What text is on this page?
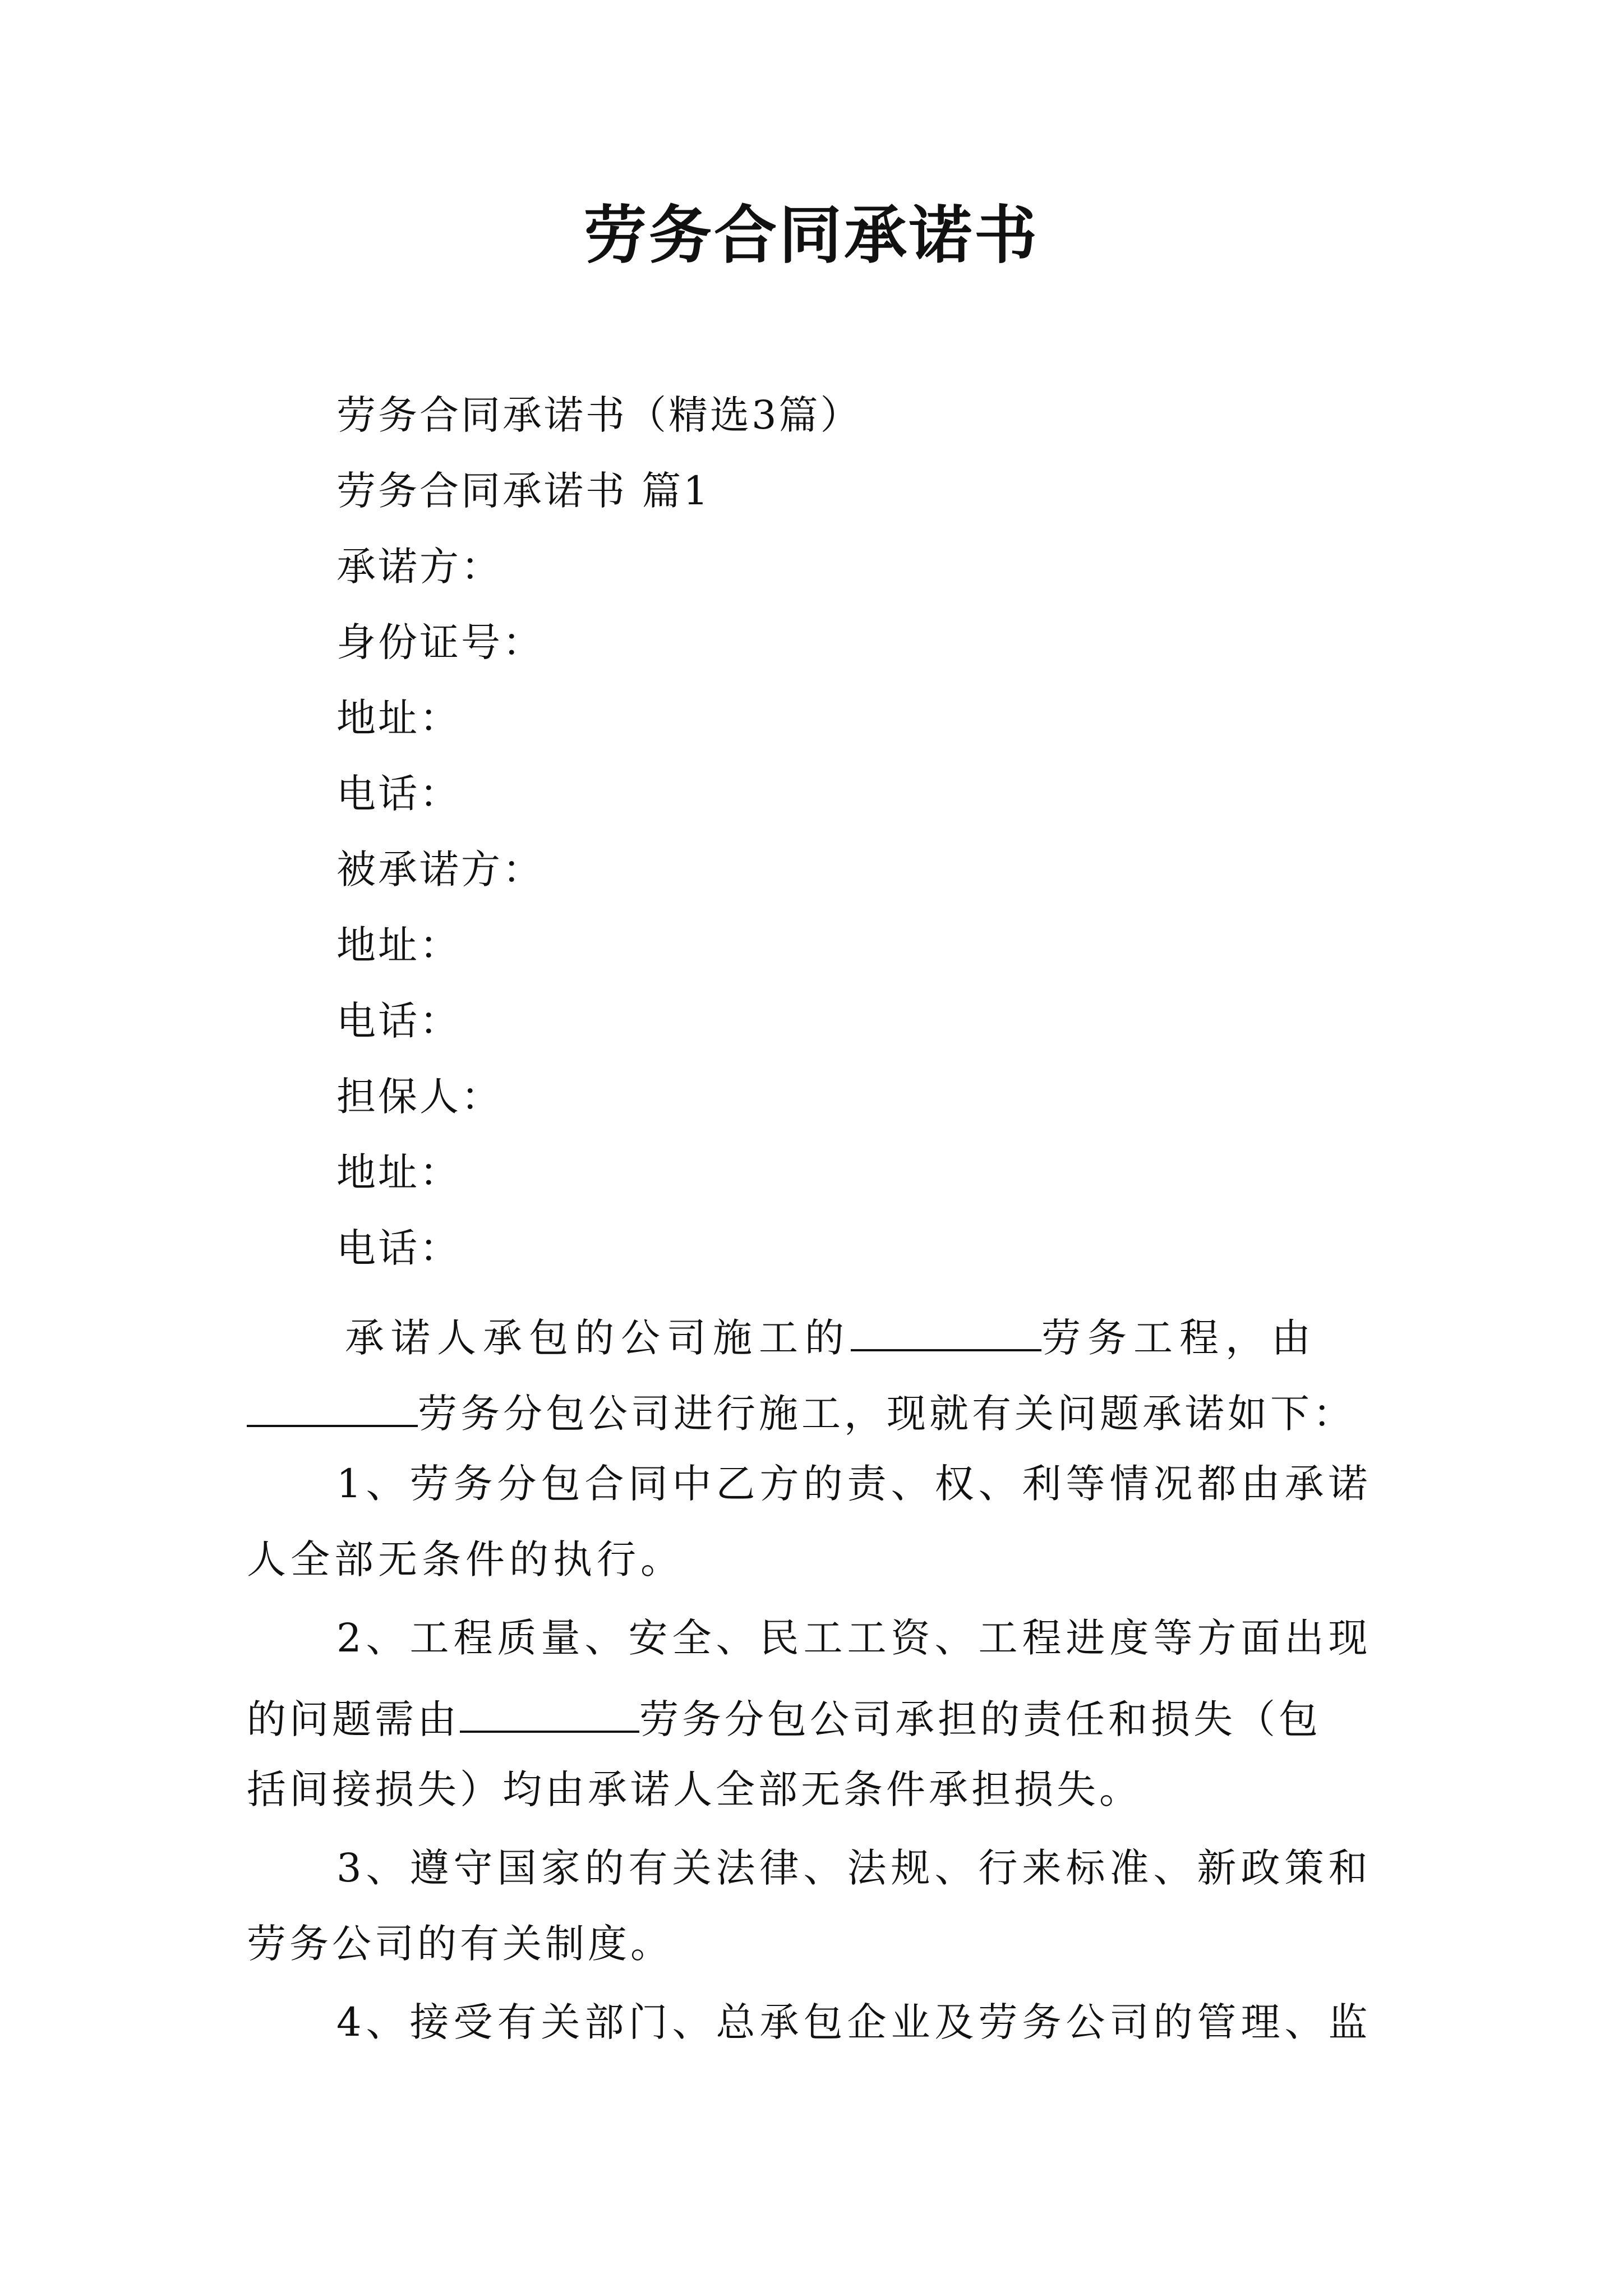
劳务合同承诺书
劳务合同承诺书（精选3篇）
劳务合同承诺书 篇1
承诺方：
身份证号：
地址：
电话：
被承诺方：
地址：
电话：
担保人：
地址：
电话：
承诺人承包的公司施工的	劳务工程，由
劳务分包公司进行施工，现就有关问题承诺如下：
1、劳务分包合同中乙方的责、权、利等情况都由承诺
人全部无条件的执行。
2、工程质量、安全、民工工资、工程进度等方面出现
的问题需由	劳务分包公司承担的责任和损失（包
括间接损失）均由承诺人全部无条件承担损失。
3、遵守国家的有关法律、法规、行来标准、新政策和
劳务公司的有关制度。
4、接受有关部门、总承包企业及劳务公司的管理、监
